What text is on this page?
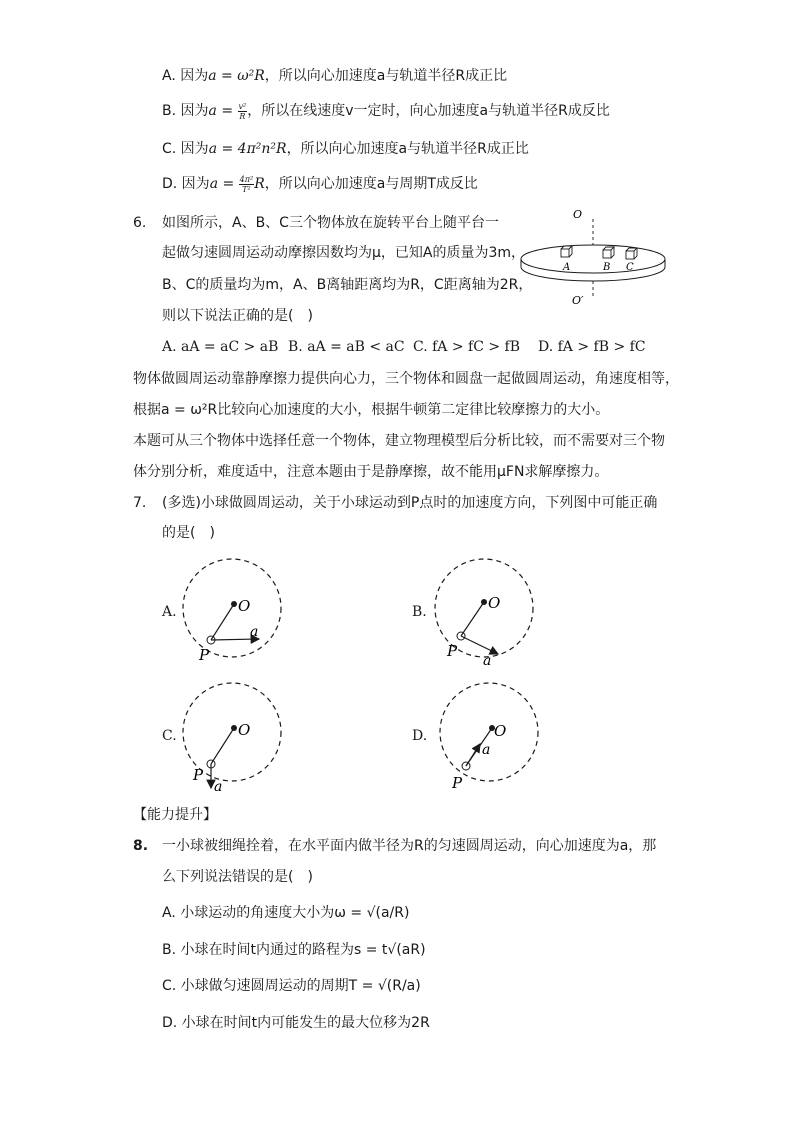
A. 因为a = ω²R，所以向心加速度a与轨道半径R成正比
B. 因为$a = \frac{\text{v²}}{R}$ ，所以在线速度v一定时，向心加速度a与轨道半径R成反比
C. 因为a = 4π²n²R，所以向心加速度a与轨道半径R成正比
D. 因为$a = \frac{\text{4π²}}{\text{T²}}$ R，所以向心加速度a与周期T成反比
6. 如图所示，A、B、C三个物体放在旋转平台上随平台一
起做匀速圆周运动动摩擦因数均为μ，已知A的质量为3m，
B、C的质量均为m，A、B离轴距离均为R，C距离轴为2R，
则以下说法正确的是(　)
O
O′
A	B C
A. aA = aC > aB B. aA = aB < aC C. fA > fC > fB D. fA > fB > fC
物体做圆周运动靠静摩擦力提供向心力，三个物体和圆盘一起做圆周运动，角速度相等，
根据a = ω²R比较向心加速度的大小，根据牛顿第二定律比较摩擦力的大小。
本题可从三个物体中选择任意一个物体，建立物理模型后分析比较，而不需要对三个物
体分别分析，难度适中，注意本题由于是静摩擦，故不能用μFN求解摩擦力。
7. (多选)小球做圆周运动，关于小球运动到P点时的加速度方向，下列图中可能正确
的是(　)
A.	O
a
P
B.	O
a
P
C.	O
P
a
D.	O
a
P
【能力提升】
8. 一小球被细绳拴着，在水平面内做半径为R的匀速圆周运动，向心加速度为a，那
么下列说法错误的是(　)
A. 小球运动的角速度大小为ω = √(a/R)
B. 小球在时间t内通过的路程为s = t√(aR)
C. 小球做匀速圆周运动的周期T = √(R/a)
D. 小球在时间t内可能发生的最大位移为2R
